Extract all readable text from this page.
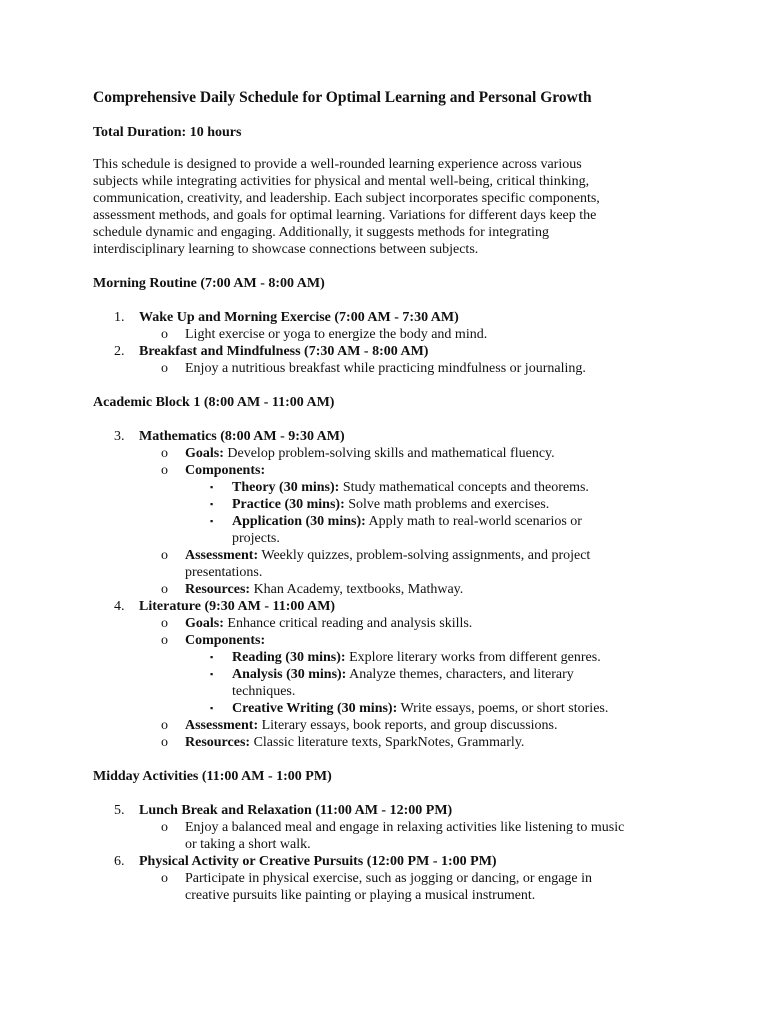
Comprehensive Daily Schedule for Optimal Learning and Personal Growth
Total Duration: 10 hours
This schedule is designed to provide a well-rounded learning experience across various
subjects while integrating activities for physical and mental well-being, critical thinking,
communication, creativity, and leadership. Each subject incorporates specific components,
assessment methods, and goals for optimal learning. Variations for different days keep the
schedule dynamic and engaging. Additionally, it suggests methods for integrating
interdisciplinary learning to showcase connections between subjects.
Morning Routine (7:00 AM - 8:00 AM)
1. Wake Up and Morning Exercise (7:00 AM - 7:30 AM)
o Light exercise or yoga to energize the body and mind.
2. Breakfast and Mindfulness (7:30 AM - 8:00 AM)
o Enjoy a nutritious breakfast while practicing mindfulness or journaling.
Academic Block 1 (8:00 AM - 11:00 AM)
3. Mathematics (8:00 AM - 9:30 AM)
o Goals: Develop problem-solving skills and mathematical fluency.
o Components:
▪ Theory (30 mins): Study mathematical concepts and theorems.
▪ Practice (30 mins): Solve math problems and exercises.
▪ Application (30 mins): Apply math to real-world scenarios or
projects.
o Assessment: Weekly quizzes, problem-solving assignments, and project
presentations.
o Resources: Khan Academy, textbooks, Mathway.
4. Literature (9:30 AM - 11:00 AM)
o Goals: Enhance critical reading and analysis skills.
o Components:
▪ Reading (30 mins): Explore literary works from different genres.
▪ Analysis (30 mins): Analyze themes, characters, and literary
techniques.
▪ Creative Writing (30 mins): Write essays, poems, or short stories.
o Assessment: Literary essays, book reports, and group discussions.
o Resources: Classic literature texts, SparkNotes, Grammarly.
Midday Activities (11:00 AM - 1:00 PM)
5. Lunch Break and Relaxation (11:00 AM - 12:00 PM)
o Enjoy a balanced meal and engage in relaxing activities like listening to music
or taking a short walk.
6. Physical Activity or Creative Pursuits (12:00 PM - 1:00 PM)
o Participate in physical exercise, such as jogging or dancing, or engage in
creative pursuits like painting or playing a musical instrument.
